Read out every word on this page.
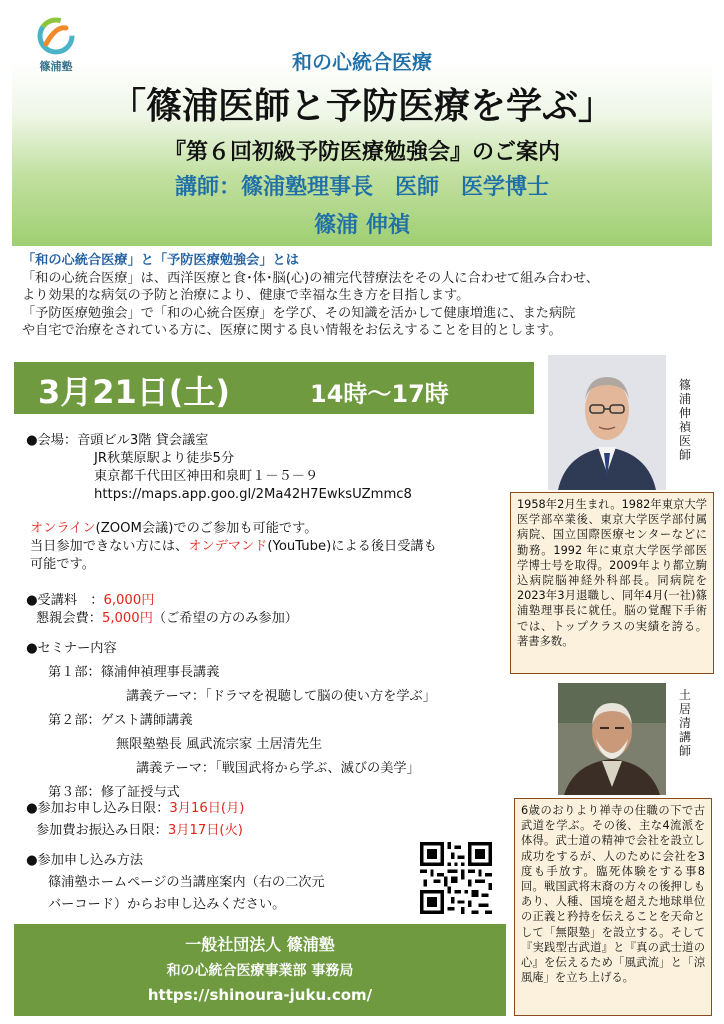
篠浦塾	和の心統合医療
「篠浦医師と予防医療を学ぶ」
『第６回初級予防医療勉強会』のご案内
講師：篠浦塾理事長　医師　医学博士
篠浦 伸禎
「和の心統合医療」と「予防医療勉強会」とは
「和の心統合医療」は、西洋医療と食･体･脳(心)の補完代替療法をその人に合わせて組み合わせ、
より効果的な病気の予防と治療により、健康で幸福な生き方を目指します。
「予防医療勉強会」で「和の心統合医療」を学び、その知識を活かして健康増進に、また病院
や自宅で治療をされている方に、医療に関する良い情報をお伝えすることを目的とします。
3月21日(土)	14時～17時	篠
浦
伸
禎
医
師
1958年2月生まれ。1982年東京大学医学部卒業後、東京大学医学部付属病院、国立国際医療センターなどに勤務。1992 年に東京大学医学部医学博士号を取得。2009年より都立駒込病院脳神経外科部長。同病院を2023年3月退職し、同年4月(一社)篠浦塾理事長に就任。脳の覚醒下手術では、トップクラスの実績を誇る。著書多数。
●会場：音頭ビル3階 貸会議室
JR秋葉原駅より徒歩5分
東京都千代田区神田和泉町１－５－９
https://maps.app.goo.gl/2Ma42H7EwksUZmmc8
オンライン(ZOOM会議)でのご参加も可能です。
当日参加できない方には、オンデマンド(YouTube)による後日受講も
可能です。
●受講料　：6,000円
懇親会費：5,000円（ご希望の方のみ参加）
●セミナー内容
第１部：篠浦伸禎理事長講義
講義テーマ：「ドラマを視聴して脳の使い方を学ぶ」
第２部：ゲスト講師講義
無限塾塾長 風武流宗家 土居清先生
講義テーマ：「戦国武将から学ぶ、滅びの美学」
第３部：修了証授与式
●参加お申し込み日限：3月16日(月)
参加費お振込み日限：3月17日(火)
●参加申し込み方法
篠浦塾ホームページの当講座案内（右の二次元
バーコード）からお申し込みください。
土
居
清
講
師
6歳のおりより禅寺の住職の下で古武道を学ぶ。その後、主な4流派を体得。武士道の精神で会社を設立し成功をするが、人のために会社を3度も手放す。臨死体験をする事8回。戦国武将末裔の方々の後押しもあり、人種、国境を超えた地球単位の正義と矜持を伝えることを天命として「無限塾」を設立する。そして『実践型古武道』と『真の武士道の心』を伝えるため「風武流」と「涼風庵」を立ち上げる。
一般社団法人 篠浦塾
和の心統合医療事業部 事務局
https://shinoura-juku.com/
